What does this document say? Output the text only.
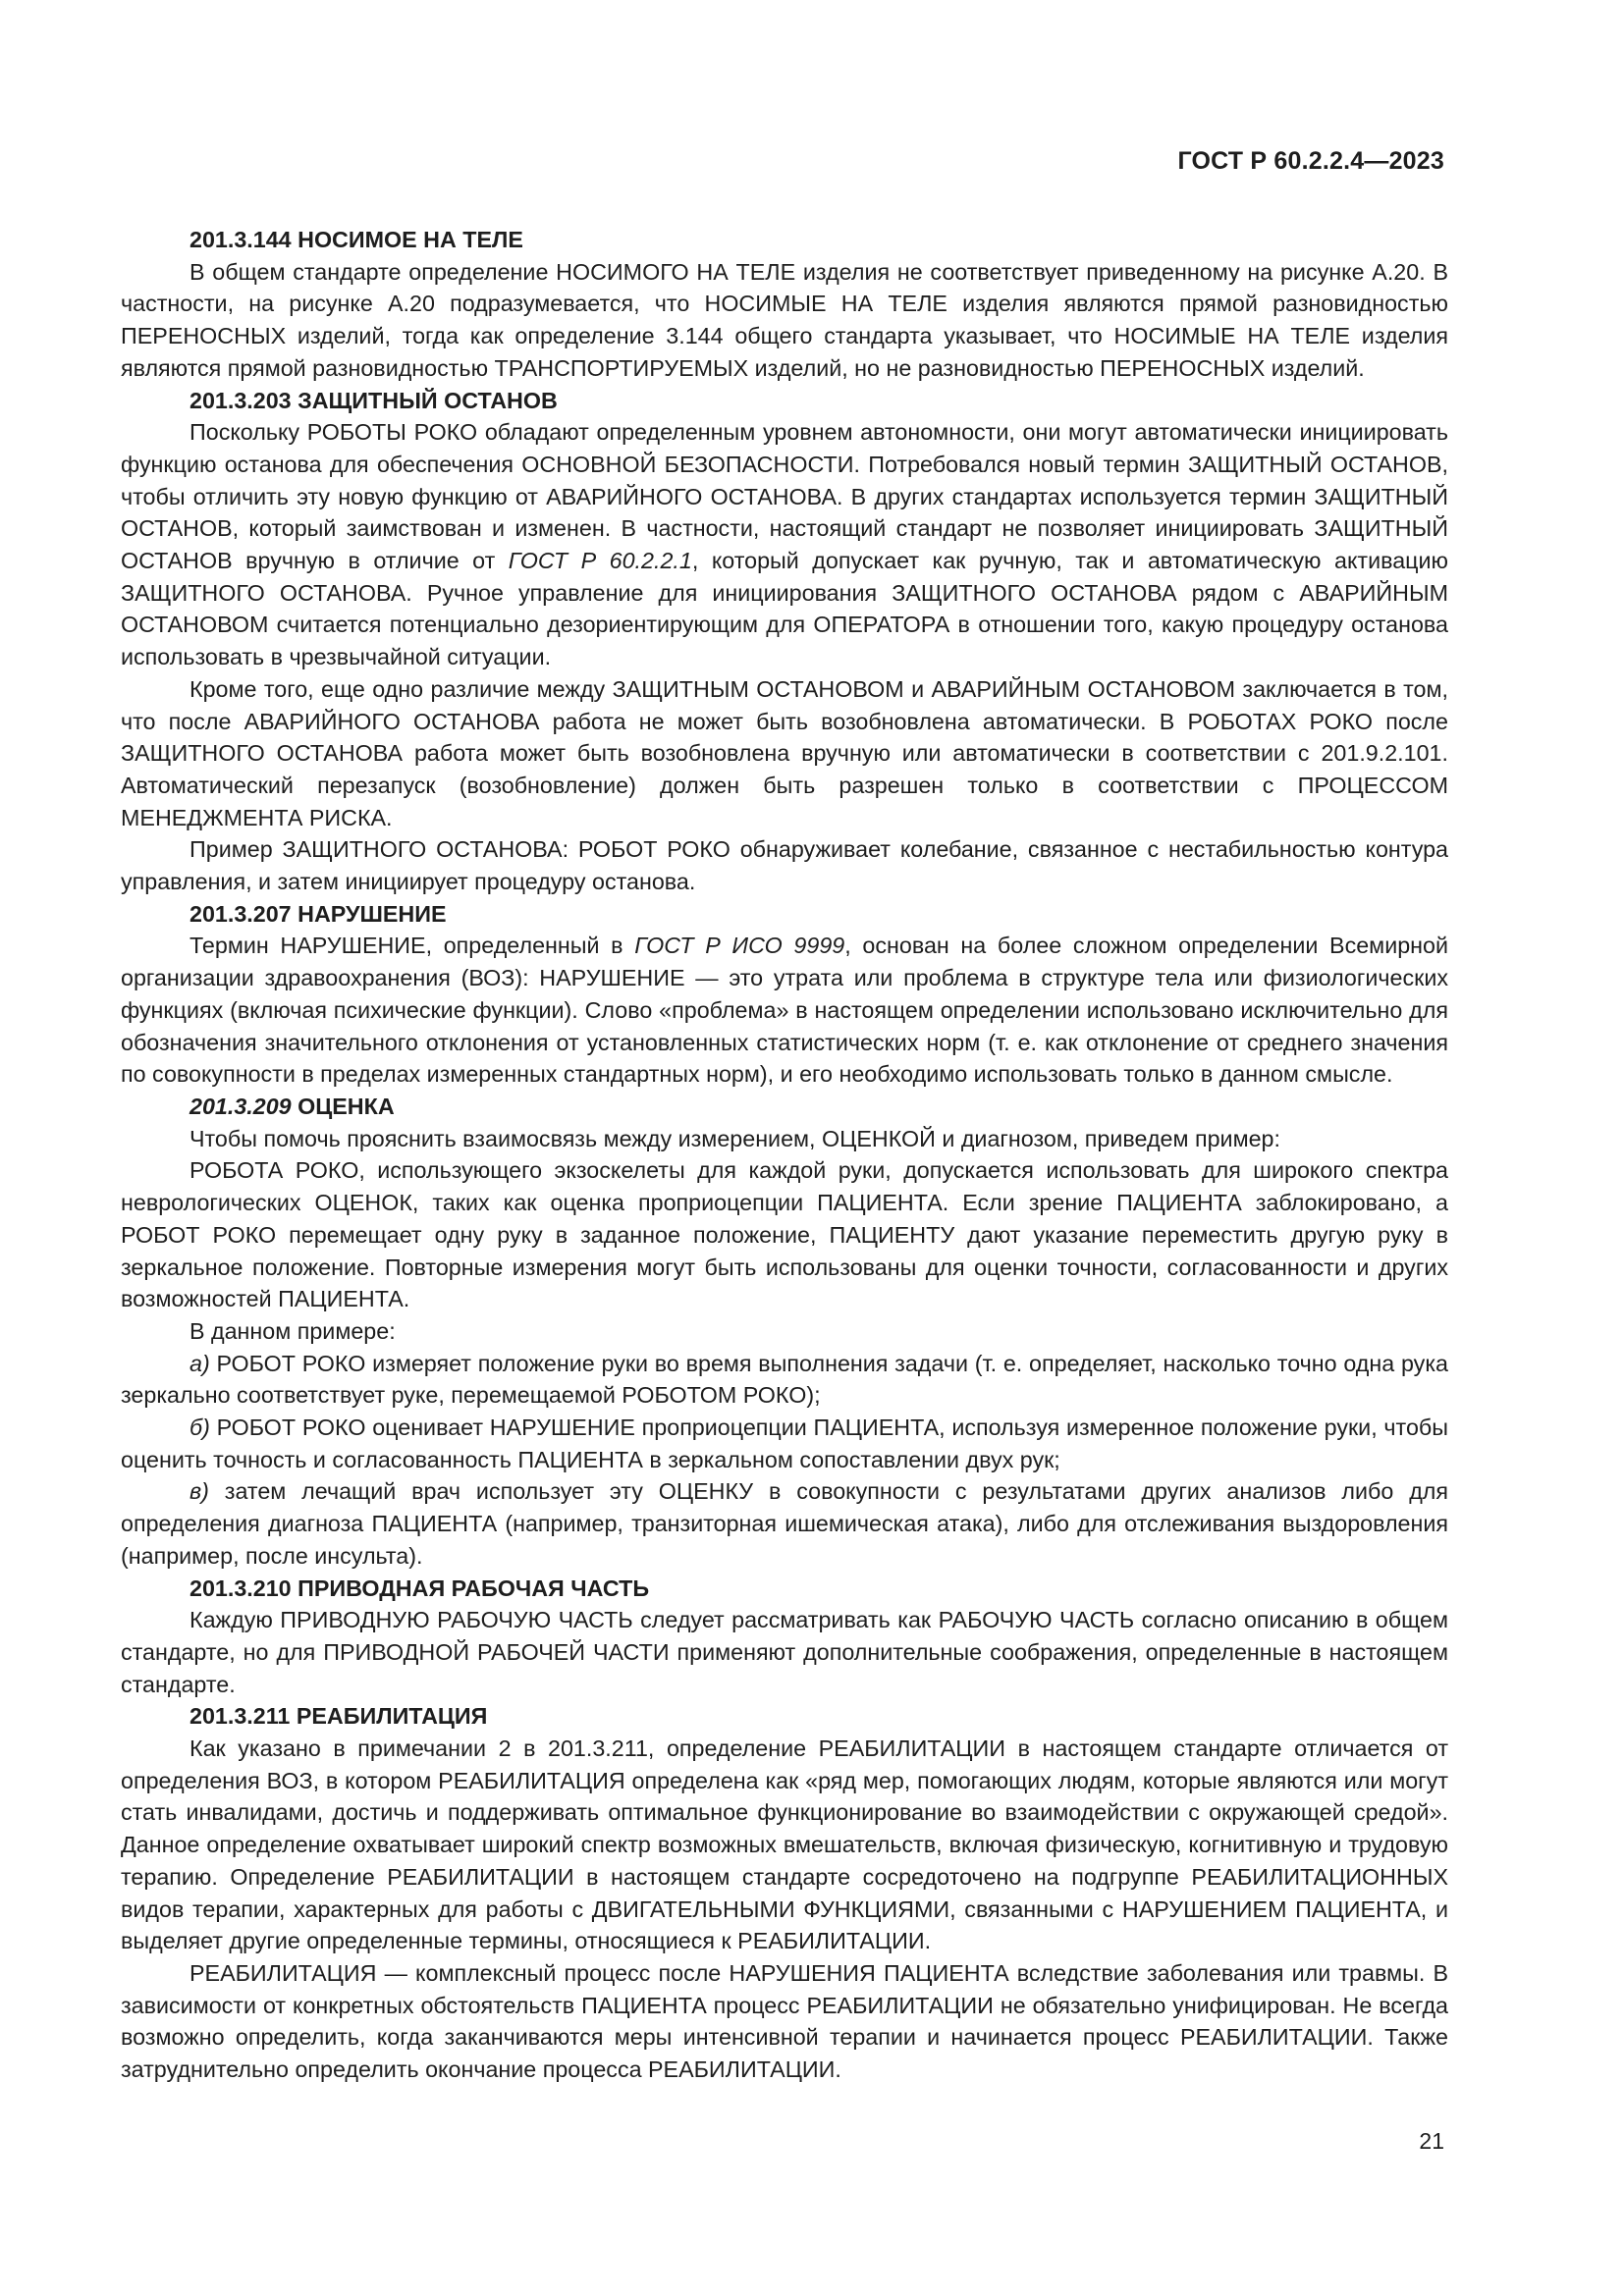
ГОСТ Р 60.2.2.4—2023

201.3.144 НОСИМОЕ НА ТЕЛЕ

В общем стандарте определение НОСИМОГО НА ТЕЛЕ изделия не соответствует приведенному на рисунке А.20. В частности, на рисунке А.20 подразумевается, что НОСИМЫЕ НА ТЕЛЕ изделия являются прямой разновидностью ПЕРЕНОСНЫХ изделий, тогда как определение 3.144 общего стандарта указывает, что НОСИМЫЕ НА ТЕЛЕ изделия являются прямой разновидностью ТРАНСПОРТИРУЕМЫХ изделий, но не разновидностью ПЕРЕНОСНЫХ изделий.

201.3.203 ЗАЩИТНЫЙ ОСТАНОВ

Поскольку РОБОТЫ РОКО обладают определенным уровнем автономности, они могут автоматически инициировать функцию останова для обеспечения ОСНОВНОЙ БЕЗОПАСНОСТИ. Потребовался новый термин ЗАЩИТНЫЙ ОСТАНОВ, чтобы отличить эту новую функцию от АВАРИЙНОГО ОСТАНОВА. В других стандартах используется термин ЗАЩИТНЫЙ ОСТАНОВ, который заимствован и изменен. В частности, настоящий стандарт не позволяет инициировать ЗАЩИТНЫЙ ОСТАНОВ вручную в отличие от ГОСТ Р 60.2.2.1, который допускает как ручную, так и автоматическую активацию ЗАЩИТНОГО ОСТАНОВА. Ручное управление для инициирования ЗАЩИТНОГО ОСТАНОВА рядом с АВАРИЙНЫМ ОСТАНОВОМ считается потенциально дезориентирующим для ОПЕРАТОРА в отношении того, какую процедуру останова использовать в чрезвычайной ситуации.

Кроме того, еще одно различие между ЗАЩИТНЫМ ОСТАНОВОМ и АВАРИЙНЫМ ОСТАНОВОМ заключается в том, что после АВАРИЙНОГО ОСТАНОВА работа не может быть возобновлена автоматически. В РОБОТАХ РОКО после ЗАЩИТНОГО ОСТАНОВА работа может быть возобновлена вручную или автоматически в соответствии с 201.9.2.101. Автоматический перезапуск (возобновление) должен быть разрешен только в соответствии с ПРОЦЕССОМ МЕНЕДЖМЕНТА РИСКА.

Пример ЗАЩИТНОГО ОСТАНОВА: РОБОТ РОКО обнаруживает колебание, связанное с нестабильностью контура управления, и затем инициирует процедуру останова.

201.3.207 НАРУШЕНИЕ

Термин НАРУШЕНИЕ, определенный в ГОСТ Р ИСО 9999, основан на более сложном определении Всемирной организации здравоохранения (ВОЗ): НАРУШЕНИЕ — это утрата или проблема в структуре тела или физиологических функциях (включая психические функции). Слово «проблема» в настоящем определении использовано исключительно для обозначения значительного отклонения от установленных статистических норм (т. е. как отклонение от среднего значения по совокупности в пределах измеренных стандартных норм), и его необходимо использовать только в данном смысле.

201.3.209 ОЦЕНКА

Чтобы помочь прояснить взаимосвязь между измерением, ОЦЕНКОЙ и диагнозом, приведем пример:

РОБОТА РОКО, использующего экзоскелеты для каждой руки, допускается использовать для широкого спектра неврологических ОЦЕНОК, таких как оценка проприоцепции ПАЦИЕНТА. Если зрение ПАЦИЕНТА заблокировано, а РОБОТ РОКО перемещает одну руку в заданное положение, ПАЦИЕНТУ дают указание переместить другую руку в зеркальное положение. Повторные измерения могут быть использованы для оценки точности, согласованности и других возможностей ПАЦИЕНТА.

В данном примере:

а) РОБОТ РОКО измеряет положение руки во время выполнения задачи (т. е. определяет, насколько точно одна рука зеркально соответствует руке, перемещаемой РОБОТОМ РОКО);

б) РОБОТ РОКО оценивает НАРУШЕНИЕ проприоцепции ПАЦИЕНТА, используя измеренное положение руки, чтобы оценить точность и согласованность ПАЦИЕНТА в зеркальном сопоставлении двух рук;

в) затем лечащий врач использует эту ОЦЕНКУ в совокупности с результатами других анализов либо для определения диагноза ПАЦИЕНТА (например, транзиторная ишемическая атака), либо для отслеживания выздоровления (например, после инсульта).

201.3.210 ПРИВОДНАЯ РАБОЧАЯ ЧАСТЬ

Каждую ПРИВОДНУЮ РАБОЧУЮ ЧАСТЬ следует рассматривать как РАБОЧУЮ ЧАСТЬ согласно описанию в общем стандарте, но для ПРИВОДНОЙ РАБОЧЕЙ ЧАСТИ применяют дополнительные соображения, определенные в настоящем стандарте.

201.3.211 РЕАБИЛИТАЦИЯ

Как указано в примечании 2 в 201.3.211, определение РЕАБИЛИТАЦИИ в настоящем стандарте отличается от определения ВОЗ, в котором РЕАБИЛИТАЦИЯ определена как «ряд мер, помогающих людям, которые являются или могут стать инвалидами, достичь и поддерживать оптимальное функционирование во взаимодействии с окружающей средой». Данное определение охватывает широкий спектр возможных вмешательств, включая физическую, когнитивную и трудовую терапию. Определение РЕАБИЛИТАЦИИ в настоящем стандарте сосредоточено на подгруппе РЕАБИЛИТАЦИОННЫХ видов терапии, характерных для работы с ДВИГАТЕЛЬНЫМИ ФУНКЦИЯМИ, связанными с НАРУШЕНИЕМ ПАЦИЕНТА, и выделяет другие определенные термины, относящиеся к РЕАБИЛИТАЦИИ.

РЕАБИЛИТАЦИЯ — комплексный процесс после НАРУШЕНИЯ ПАЦИЕНТА вследствие заболевания или травмы. В зависимости от конкретных обстоятельств ПАЦИЕНТА процесс РЕАБИЛИТАЦИИ не обязательно унифицирован. Не всегда возможно определить, когда заканчиваются меры интенсивной терапии и начинается процесс РЕАБИЛИТАЦИИ. Также затруднительно определить окончание процесса РЕАБИЛИТАЦИИ.

21
